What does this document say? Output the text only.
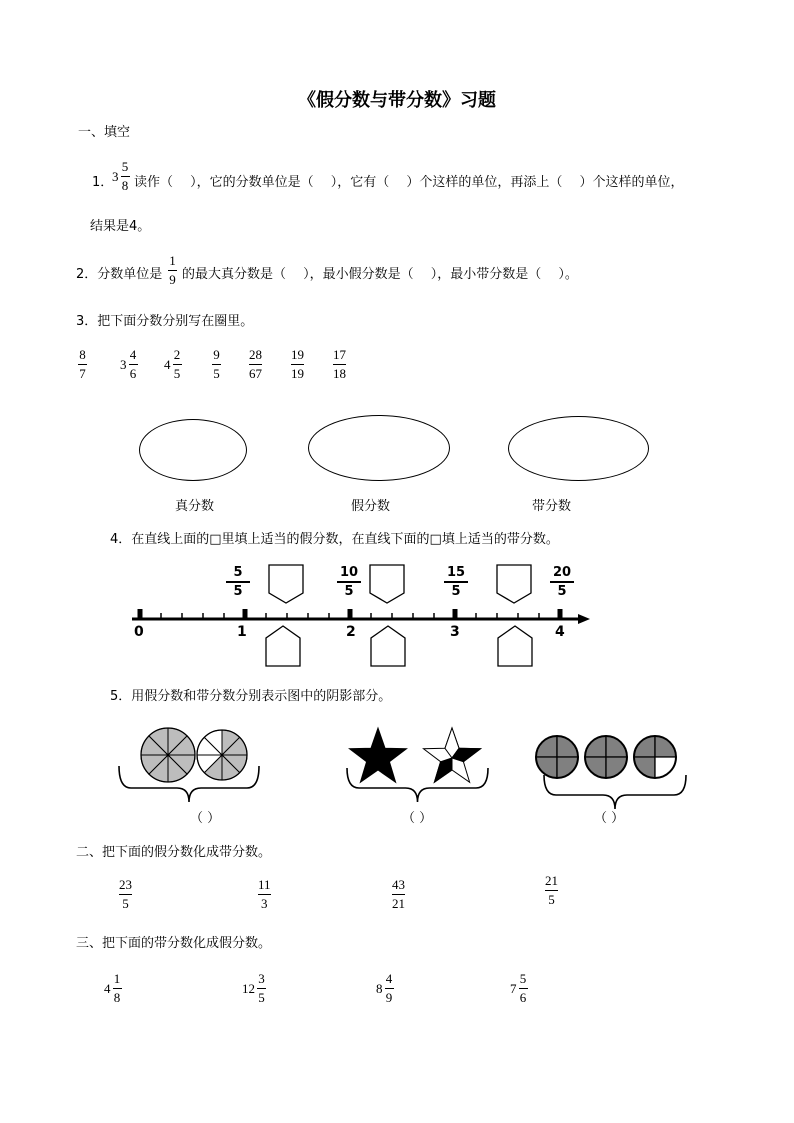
《假分数与带分数》习题
一、填空
1．
$3 \frac{5}{8}$ 读作（　 ），它的分数单位是（　 ），它有（　 ）个这样的单位，再添上（　 ）个这样的单位，
结果是4。
2．分数单位是
1
9 的最大真分数是（　 ），最小假分数是（　 ），最小带分数是（　 ）。
3．把下面分数分别写在圈里。
$\frac{8}{7}$	$3 \frac{4}{6} 4 \frac{2}{5} \frac{9}{5} \frac{28}{67} \frac{19}{19} \frac{17}{18}$
真分数	假分数	带分数
4．在直线上面的□里填上适当的假分数，在直线下面的□填上适当的带分数。
0	1	2	3	4
5
5
10
5
15
5
20
5
5．用假分数和带分数分别表示图中的阴影部分。
（ ）	（ ）	（ ）
二、把下面的假分数化成带分数。
$\frac{23}{5}$	$\frac{11}{3}$	$\frac{43}{21}$	$\frac{21}{5}$
三、把下面的带分数化成假分数。
$4 \frac{1}{8}$	$12 \frac{3}{5}$	$8 \frac{4}{9}$	$7 \frac{5}{6}$
